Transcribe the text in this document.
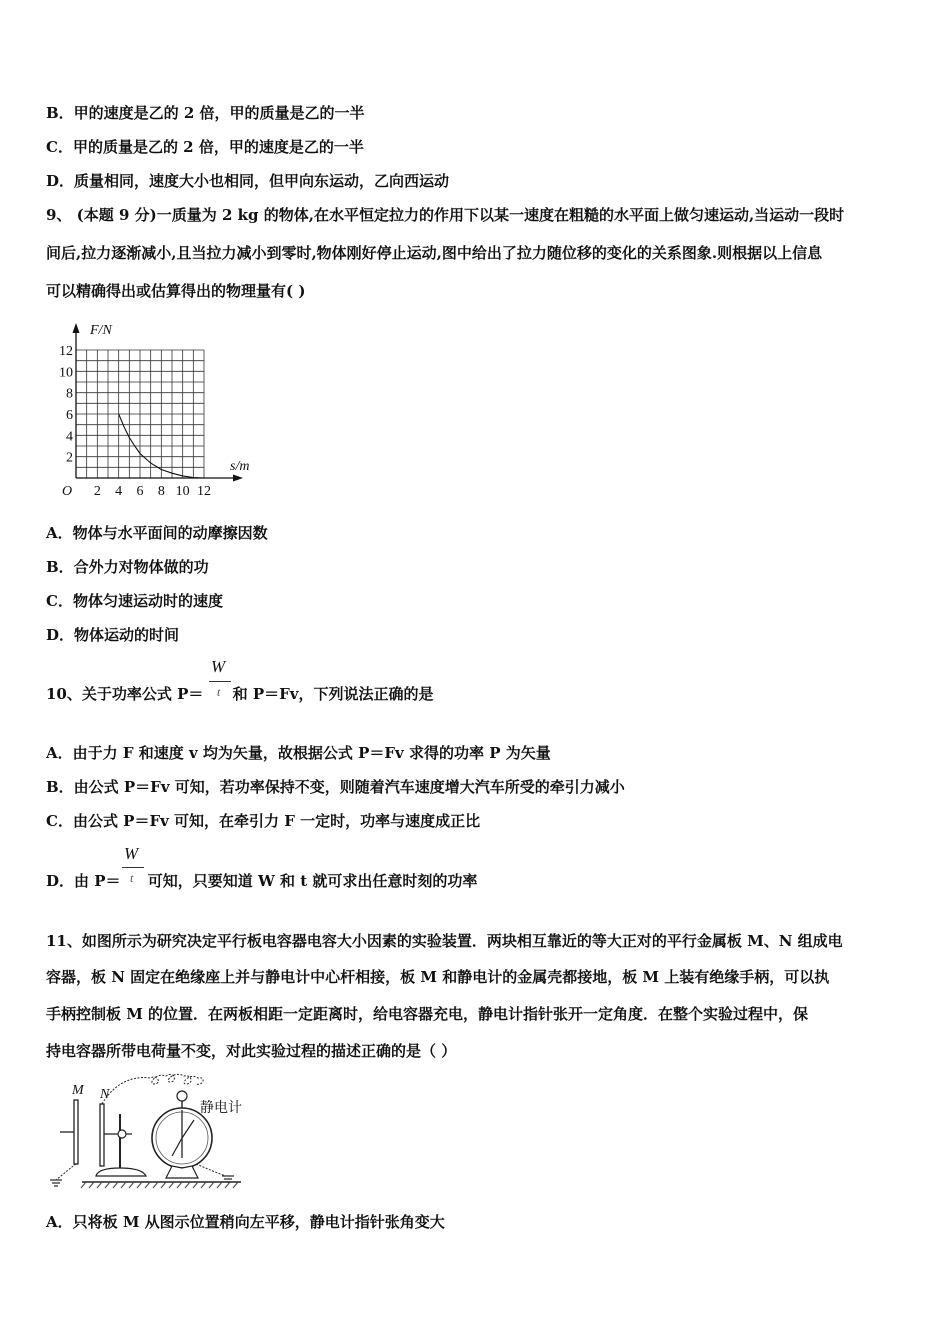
B．甲的速度是乙的 2 倍，甲的质量是乙的一半
C．甲的质量是乙的 2 倍，甲的速度是乙的一半
D．质量相同，速度大小也相同，但甲向东运动，乙向西运动
9、 (本题 9 分)一质量为 2 kg 的物体,在水平恒定拉力的作用下以某一速度在粗糙的水平面上做匀速运动,当运动一段时
间后,拉力逐渐减小,且当拉力减小到零时,物体刚好停止运动,图中给出了拉力随位移的变化的关系图象.则根据以上信息
可以精确得出或估算得出的物理量有( )
2 4 6 8 10 12
2
4
6
8
10
12
O
F/N
s/m
A．物体与水平面间的动摩擦因数
B．合外力对物体做的功
C．物体匀速运动时的速度
D．物体运动的时间
10、关于功率公式 P＝ 和 P＝Fv，下列说法正确的是
W
t
A．由于力 F 和速度 v 均为矢量，故根据公式 P＝Fv 求得的功率 P 为矢量
B．由公式 P＝Fv 可知，若功率保持不变，则随着汽车速度增大汽车所受的牵引力减小
C．由公式 P＝Fv 可知，在牵引力 F 一定时，功率与速度成正比
D．由 P＝ 可知，只要知道 W 和 t 就可求出任意时刻的功率
W
t
11、如图所示为研究决定平行板电容器电容大小因素的实验装置．两块相互靠近的等大正对的平行金属板 M、N 组成电
容器，板 N 固定在绝缘座上并与静电计中心杆相接，板 M 和静电计的金属壳都接地，板 M 上装有绝缘手柄，可以执
手柄控制板 M 的位置．在两板相距一定距离时，给电容器充电，静电计指针张开一定角度．在整个实验过程中，保
持电容器所带电荷量不变，对此实验过程的描述正确的是（ ）
M N
静电计
A．只将板 M 从图示位置稍向左平移，静电计指针张角变大
